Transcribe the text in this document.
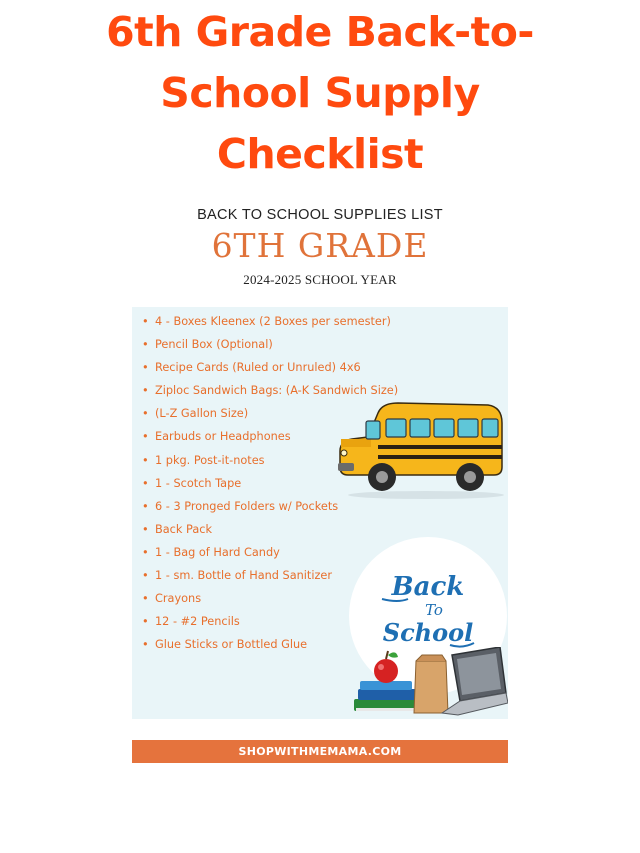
6th Grade Back-to-
School Supply
Checklist
BACK TO SCHOOL SUPPLIES LIST
6TH GRADE
2024-2025 SCHOOL YEAR
• 4 - Boxes Kleenex (2 Boxes per semester)
• Pencil Box (Optional)
• Recipe Cards (Ruled or Unruled) 4x6
• Ziploc Sandwich Bags: (A-K Sandwich Size)
• (L-Z Gallon Size)
• Earbuds or Headphones
• 1 pkg. Post-it-notes
• 1 - Scotch Tape
• 6 - 3 Pronged Folders w/ Pockets
• Back Pack
• 1 - Bag of Hard Candy
• 1 - sm. Bottle of Hand Sanitizer
• Crayons
• 12 - #2 Pencils
• Glue Sticks or Bottled Glue
Back
To
School
SHOPWITHMEMAMA.COM
